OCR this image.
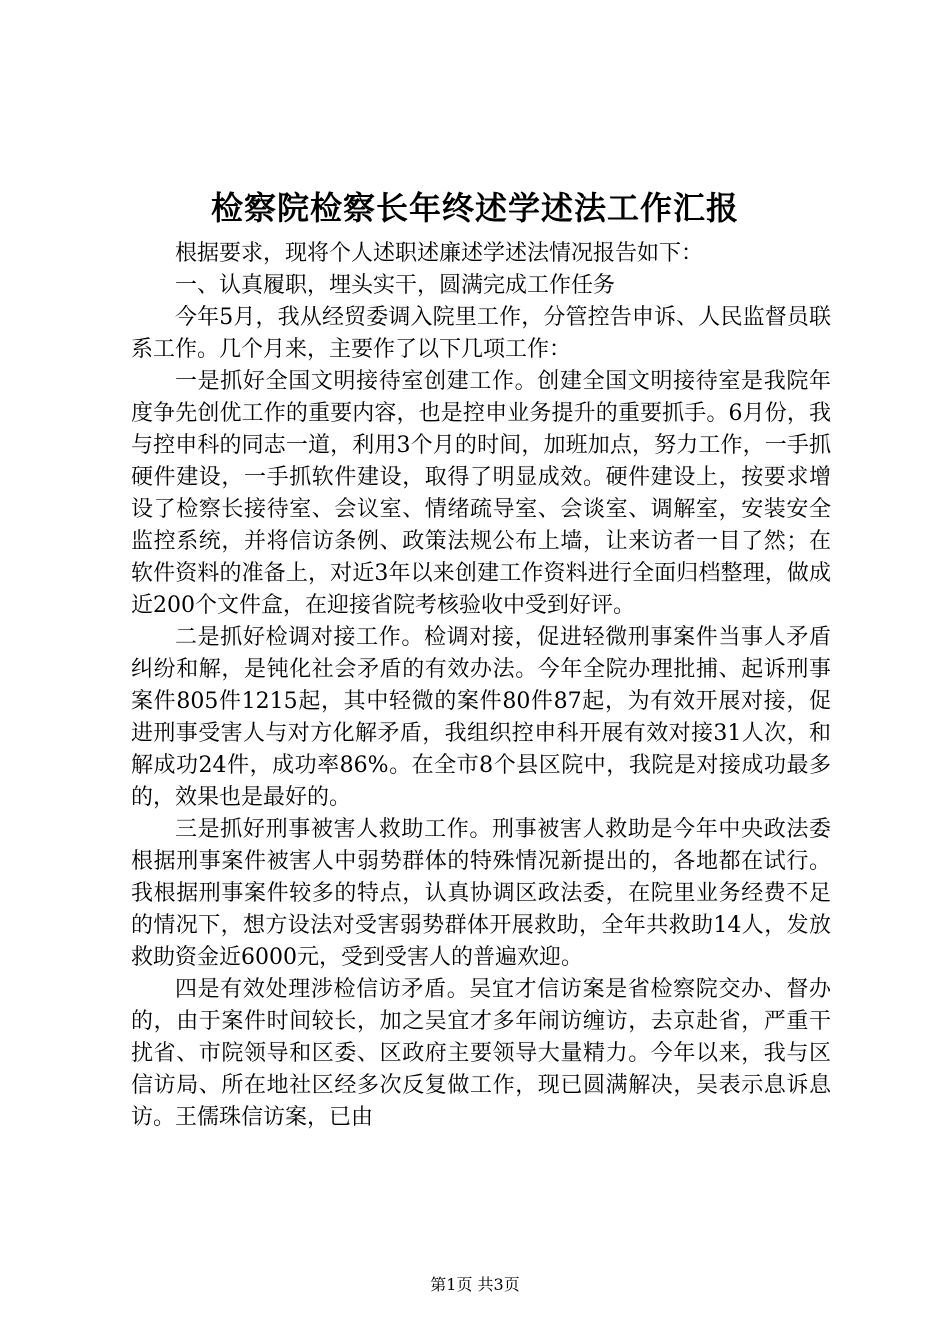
检察院检察长年终述学述法工作汇报

根据要求，现将个人述职述廉述学述法情况报告如下：

一、认真履职，埋头实干，圆满完成工作任务

今年5月，我从经贸委调入院里工作，分管控告申诉、人民监督员联系工作。几个月来，主要作了以下几项工作：

一是抓好全国文明接待室创建工作。创建全国文明接待室是我院年度争先创优工作的重要内容，也是控申业务提升的重要抓手。6月份，我与控申科的同志一道，利用3个月的时间，加班加点，努力工作，一手抓硬件建设，一手抓软件建设，取得了明显成效。硬件建设上，按要求增设了检察长接待室、会议室、情绪疏导室、会谈室、调解室，安装安全监控系统，并将信访条例、政策法规公布上墙，让来访者一目了然；在软件资料的准备上，对近3年以来创建工作资料进行全面归档整理，做成近200个文件盒，在迎接省院考核验收中受到好评。

二是抓好检调对接工作。检调对接，促进轻微刑事案件当事人矛盾纠纷和解，是钝化社会矛盾的有效办法。今年全院办理批捕、起诉刑事案件805件1215起，其中轻微的案件80件87起，为有效开展对接，促进刑事受害人与对方化解矛盾，我组织控申科开展有效对接31人次，和解成功24件，成功率86%。在全市8个县区院中，我院是对接成功最多的，效果也是最好的。

三是抓好刑事被害人救助工作。刑事被害人救助是今年中央政法委根据刑事案件被害人中弱势群体的特殊情况新提出的，各地都在试行。我根据刑事案件较多的特点，认真协调区政法委，在院里业务经费不足的情况下，想方设法对受害弱势群体开展救助，全年共救助14人，发放救助资金近6000元，受到受害人的普遍欢迎。

四是有效处理涉检信访矛盾。吴宜才信访案是省检察院交办、督办的，由于案件时间较长，加之吴宜才多年闹访缠访，去京赴省，严重干扰省、市院领导和区委、区政府主要领导大量精力。今年以来，我与区信访局、所在地社区经多次反复做工作，现已圆满解决，吴表示息诉息访。王儒珠信访案，已由

第1页 共3页
